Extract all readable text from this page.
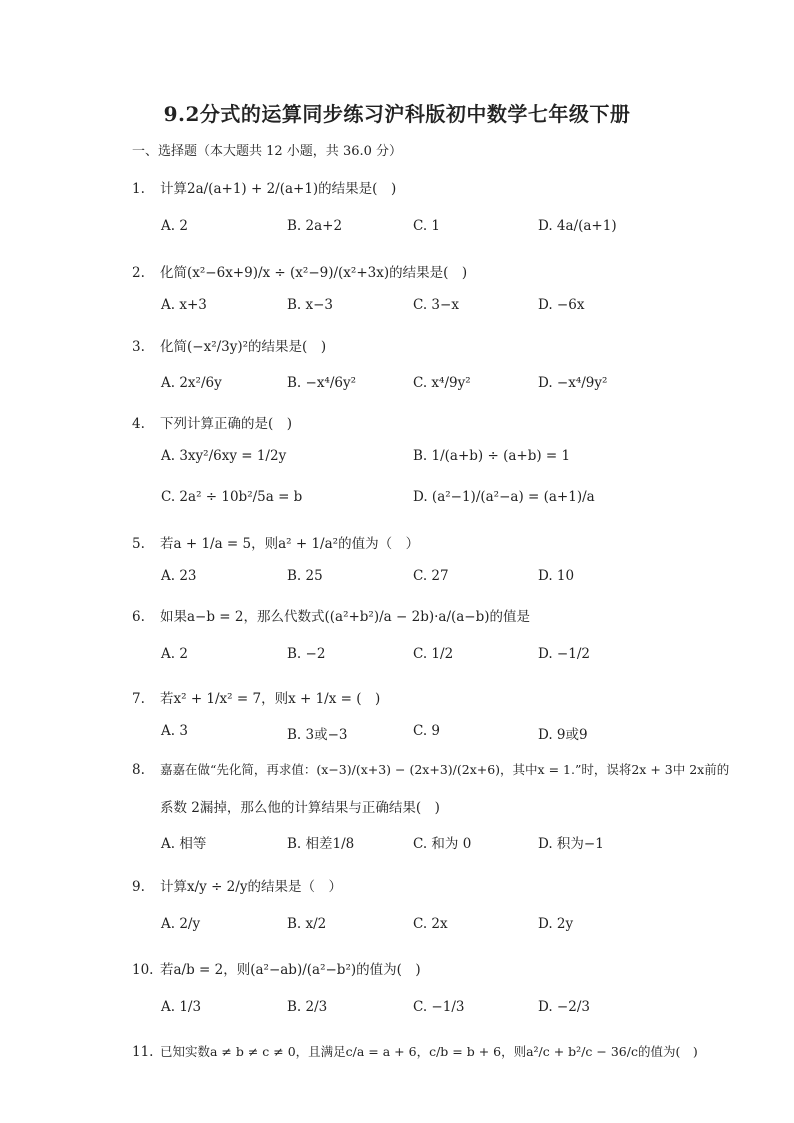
9.2分式的运算同步练习沪科版初中数学七年级下册
一、选择题（本大题共 12 小题，共 36.0 分）
1. 计算2a/(a+1) + 2/(a+1)的结果是(　)
A. 2	B. 2a+2	C. 1	D. 4a/(a+1)
2. 化简(x²−6x+9)/x ÷ (x²−9)/(x²+3x)的结果是(　)
A. x+3	B. x−3	C. 3−x	D. −6x
3. 化简(−x²/3y)²的结果是(　)
A. 2x²/6y	B. −x⁴/6y²	C. x⁴/9y²	D. −x⁴/9y²
4. 下列计算正确的是(　)
A. 3xy²/6xy = 1/2y	B. 1/(a+b) ÷ (a+b) = 1
C. 2a² ÷ 10b²/5a = b	D. (a²−1)/(a²−a) = (a+1)/a
5. 若a + 1/a = 5，则a² + 1/a²的值为（　）
A. 23	B. 25	C. 27	D. 10
6. 如果a−b = 2，那么代数式((a²+b²)/a − 2b)·a/(a−b)的值是
A. 2	B. −2	C. 1/2	D. −1/2
7. 若x² + 1/x² = 7，则x + 1/x = (　)
A. 3	B. 3或−3	C. 9	D. 9或9
8. 嘉嘉在做“先化简，再求值：(x−3)/(x+3) − (2x+3)/(2x+6)，其中x = 1.”时，误将2x + 3中 2x前的
系数 2漏掉，那么他的计算结果与正确结果(　)
A. 相等	B. 相差1/8	C. 和为 0	D. 积为−1
9. 计算x/y ÷ 2/y的结果是（　）
A. 2/y	B. x/2	C. 2x	D. 2y
10. 若a/b = 2，则(a²−ab)/(a²−b²)的值为(　)
A. 1/3	B. 2/3	C. −1/3	D. −2/3
11. 已知实数a ≠ b ≠ c ≠ 0，且满足c/a = a + 6，c/b = b + 6，则a²/c + b²/c − 36/c的值为(　)
